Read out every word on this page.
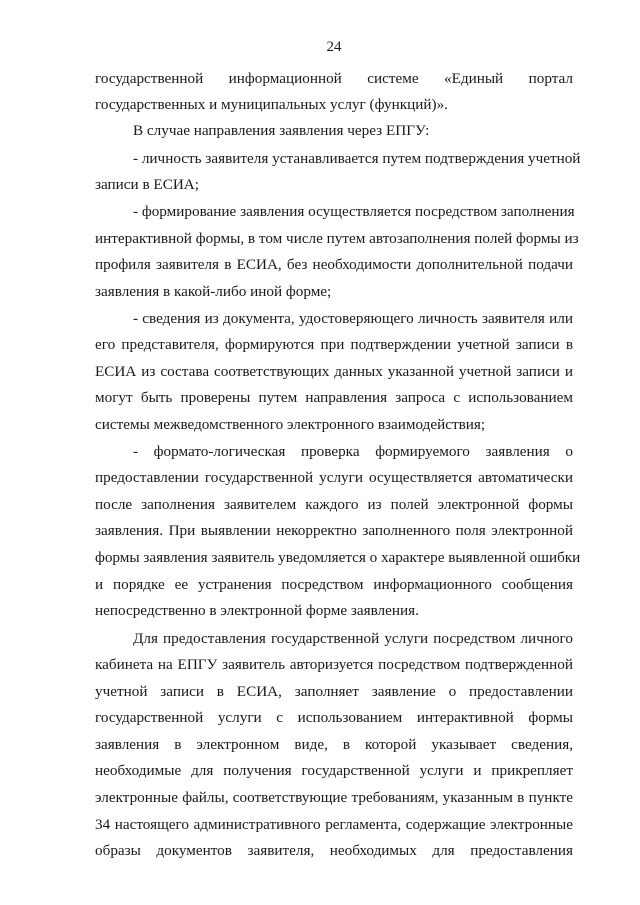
24
государственной информационной системе «Единый портал
государственных и муниципальных услуг (функций)».
В случае направления заявления через ЕПГУ:
- личность заявителя устанавливается путем подтверждения учетной
записи в ЕСИА;
- формирование заявления осуществляется посредством заполнения
интерактивной формы, в том числе путем автозаполнения полей формы из
профиля заявителя в ЕСИА, без необходимости дополнительной подачи
заявления в какой-либо иной форме;
- сведения из документа, удостоверяющего личность заявителя или
его представителя, формируются при подтверждении учетной записи в
ЕСИА из состава соответствующих данных указанной учетной записи и
могут быть проверены путем направления запроса с использованием
системы межведомственного электронного взаимодействия;
- формато-логическая проверка формируемого заявления о
предоставлении государственной услуги осуществляется автоматически
после заполнения заявителем каждого из полей электронной формы
заявления. При выявлении некорректно заполненного поля электронной
формы заявления заявитель уведомляется о характере выявленной ошибки
и порядке ее устранения посредством информационного сообщения
непосредственно в электронной форме заявления.
Для предоставления государственной услуги посредством личного
кабинета на ЕПГУ заявитель авторизуется посредством подтвержденной
учетной записи в ЕСИА, заполняет заявление о предоставлении
государственной услуги с использованием интерактивной формы
заявления в электронном виде, в которой указывает сведения,
необходимые для получения государственной услуги и прикрепляет
электронные файлы, соответствующие требованиям, указанным в пункте
34 настоящего административного регламента, содержащие электронные
образы документов заявителя, необходимых для предоставления
